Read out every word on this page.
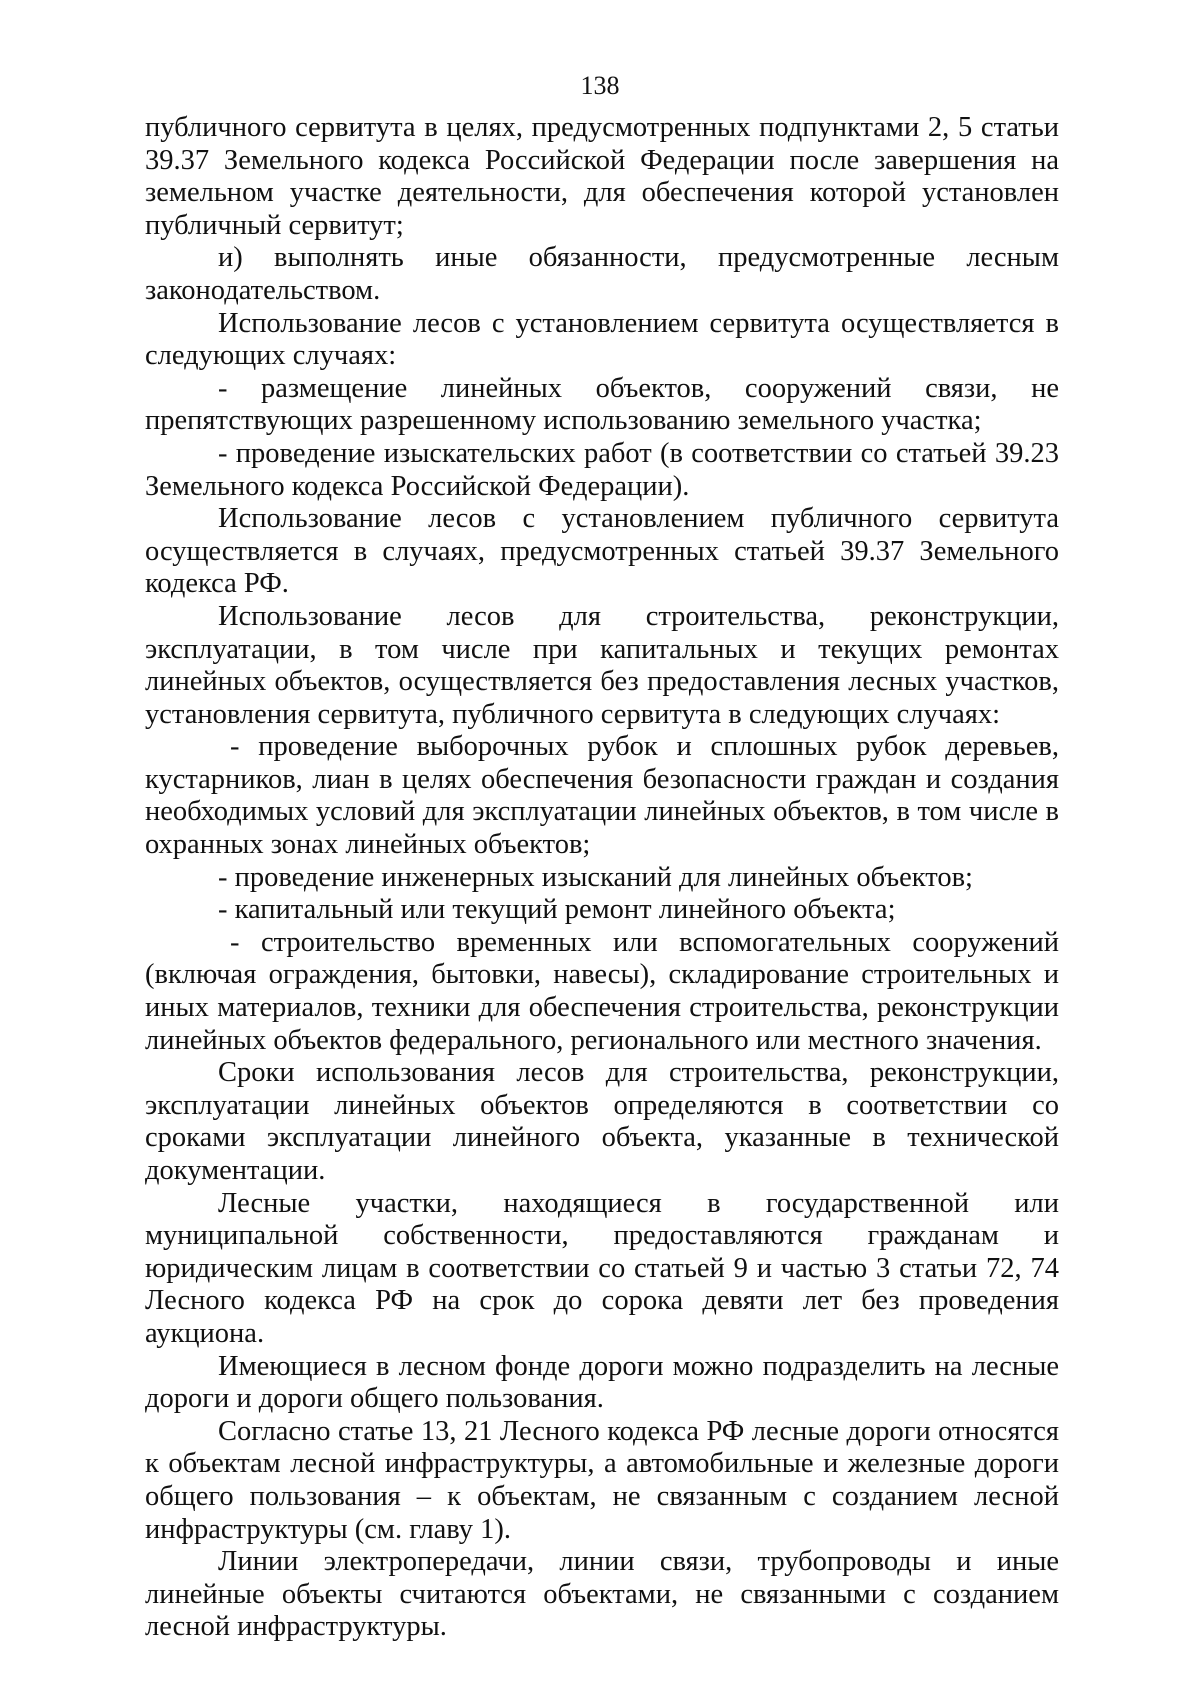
138

публичного сервитута в целях, предусмотренных подпунктами 2, 5 статьи 39.37 Земельного кодекса Российской Федерации после завершения на земельном участке деятельности, для обеспечения которой установлен публичный сервитут;

и) выполнять иные обязанности, предусмотренные лесным законодательством.

Использование лесов с установлением сервитута осуществляется в следующих случаях:

- размещение линейных объектов, сооружений связи, не препятствующих разрешенному использованию земельного участка;

- проведение изыскательских работ (в соответствии со статьей 39.23 Земельного кодекса Российской Федерации).

Использование лесов с установлением публичного сервитута осуществляется в случаях, предусмотренных статьей 39.37 Земельного кодекса РФ.

Использование лесов для строительства, реконструкции, эксплуатации, в том числе при капитальных и текущих ремонтах линейных объектов, осуществляется без предоставления лесных участков, установления сервитута, публичного сервитута в следующих случаях:

- проведение выборочных рубок и сплошных рубок деревьев, кустарников, лиан в целях обеспечения безопасности граждан и создания необходимых условий для эксплуатации линейных объектов, в том числе в охранных зонах линейных объектов;

- проведение инженерных изысканий для линейных объектов;

- капитальный или текущий ремонт линейного объекта;

- строительство временных или вспомогательных сооружений (включая ограждения, бытовки, навесы), складирование строительных и иных материалов, техники для обеспечения строительства, реконструкции линейных объектов федерального, регионального или местного значения.

Сроки использования лесов для строительства, реконструкции, эксплуатации линейных объектов определяются в соответствии со сроками эксплуатации линейного объекта, указанные в технической документации.

Лесные участки, находящиеся в государственной или муниципальной собственности, предоставляются гражданам и юридическим лицам в соответствии со статьей 9 и частью 3 статьи 72, 74 Лесного кодекса РФ на срок до сорока девяти лет без проведения аукциона.

Имеющиеся в лесном фонде дороги можно подразделить на лесные дороги и дороги общего пользования.

Согласно статье 13, 21 Лесного кодекса РФ лесные дороги относятся к объектам лесной инфраструктуры, а автомобильные и железные дороги общего пользования – к объектам, не связанным с созданием лесной инфраструктуры (см. главу 1).

Линии электропередачи, линии связи, трубопроводы и иные линейные объекты считаются объектами, не связанными с созданием лесной инфраструктуры.
